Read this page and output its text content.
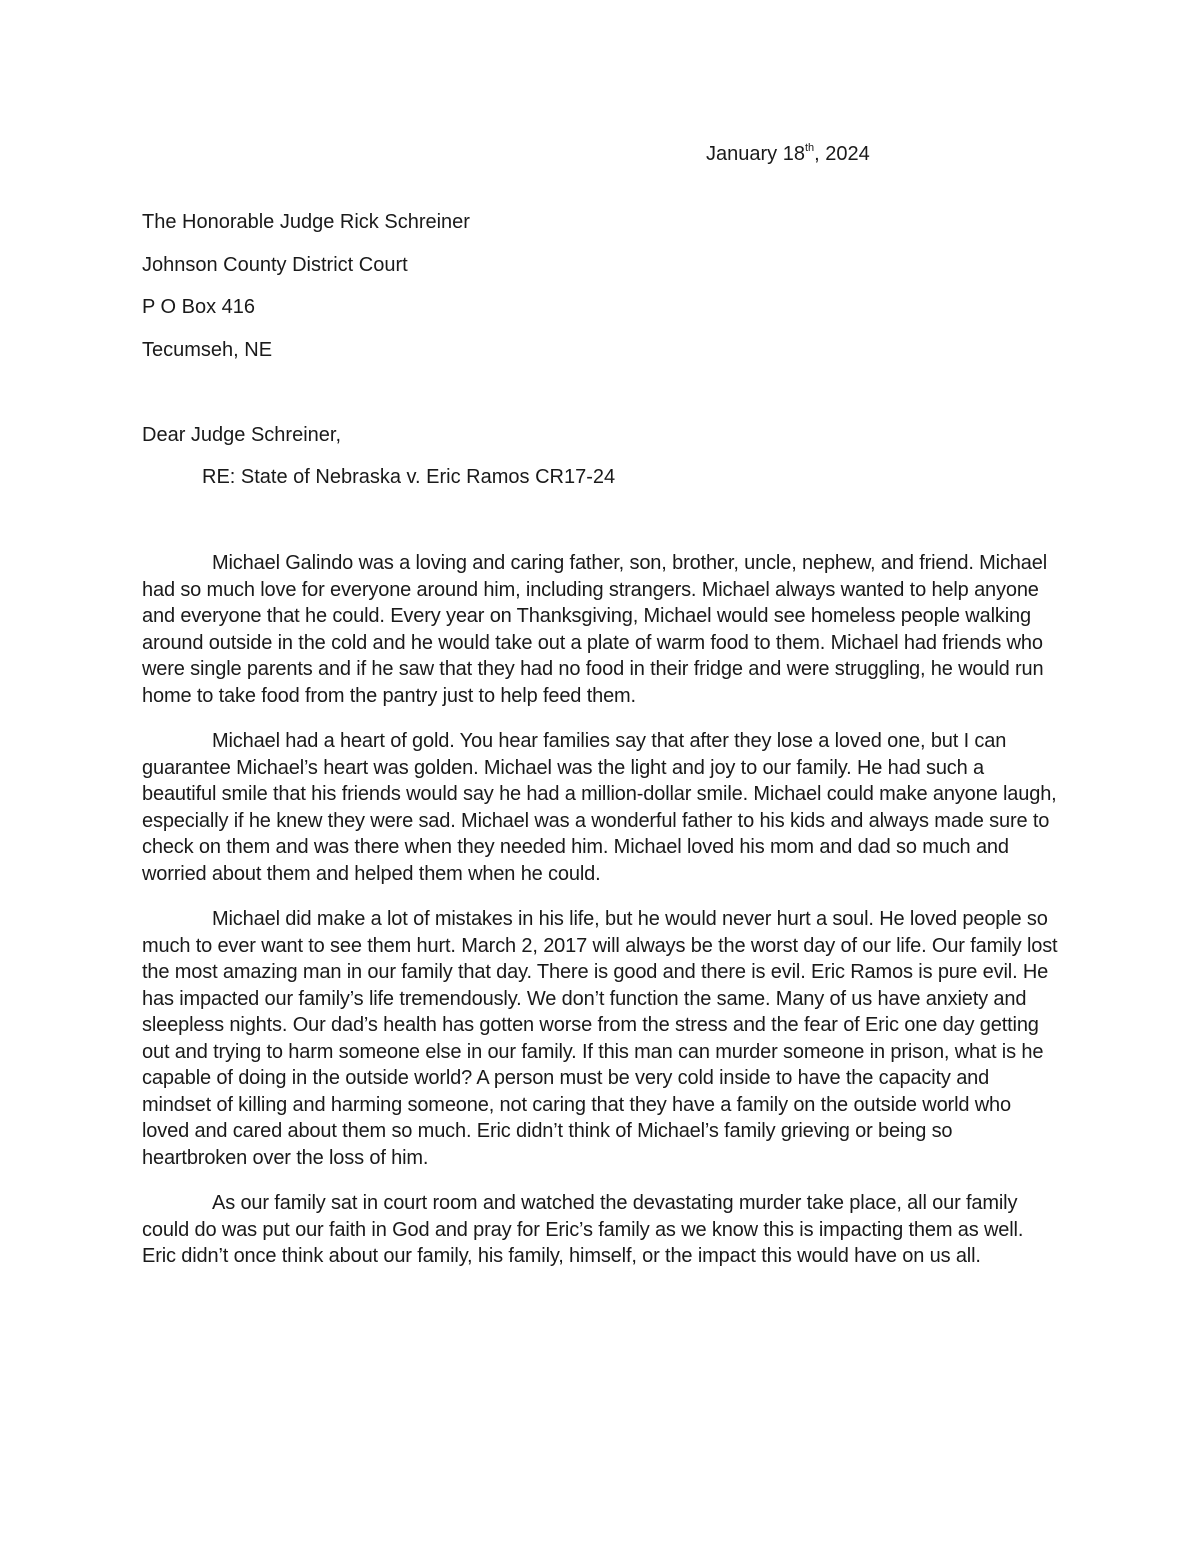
January 18th, 2024
The Honorable Judge Rick Schreiner
Johnson County District Court
P O Box 416
Tecumseh, NE
Dear Judge Schreiner,
RE: State of Nebraska v. Eric Ramos CR17-24

Michael Galindo was a loving and caring father, son, brother, uncle, nephew, and friend. Michael had so much love for everyone around him, including strangers. Michael always wanted to help anyone and everyone that he could. Every year on Thanksgiving, Michael would see homeless people walking around outside in the cold and he would take out a plate of warm food to them. Michael had friends who were single parents and if he saw that they had no food in their fridge and were struggling, he would run home to take food from the pantry just to help feed them.

Michael had a heart of gold. You hear families say that after they lose a loved one, but I can guarantee Michael’s heart was golden. Michael was the light and joy to our family. He had such a beautiful smile that his friends would say he had a million-dollar smile. Michael could make anyone laugh, especially if he knew they were sad. Michael was a wonderful father to his kids and always made sure to check on them and was there when they needed him. Michael loved his mom and dad so much and worried about them and helped them when he could.

Michael did make a lot of mistakes in his life, but he would never hurt a soul. He loved people so much to ever want to see them hurt. March 2, 2017 will always be the worst day of our life. Our family lost the most amazing man in our family that day. There is good and there is evil. Eric Ramos is pure evil. He has impacted our family’s life tremendously. We don’t function the same. Many of us have anxiety and sleepless nights. Our dad’s health has gotten worse from the stress and the fear of Eric one day getting out and trying to harm someone else in our family. If this man can murder someone in prison, what is he capable of doing in the outside world? A person must be very cold inside to have the capacity and mindset of killing and harming someone, not caring that they have a family on the outside world who loved and cared about them so much. Eric didn’t think of Michael’s family grieving or being so heartbroken over the loss of him.

As our family sat in court room and watched the devastating murder take place, all our family could do was put our faith in God and pray for Eric’s family as we know this is impacting them as well. Eric didn’t once think about our family, his family, himself, or the impact this would have on us all.
